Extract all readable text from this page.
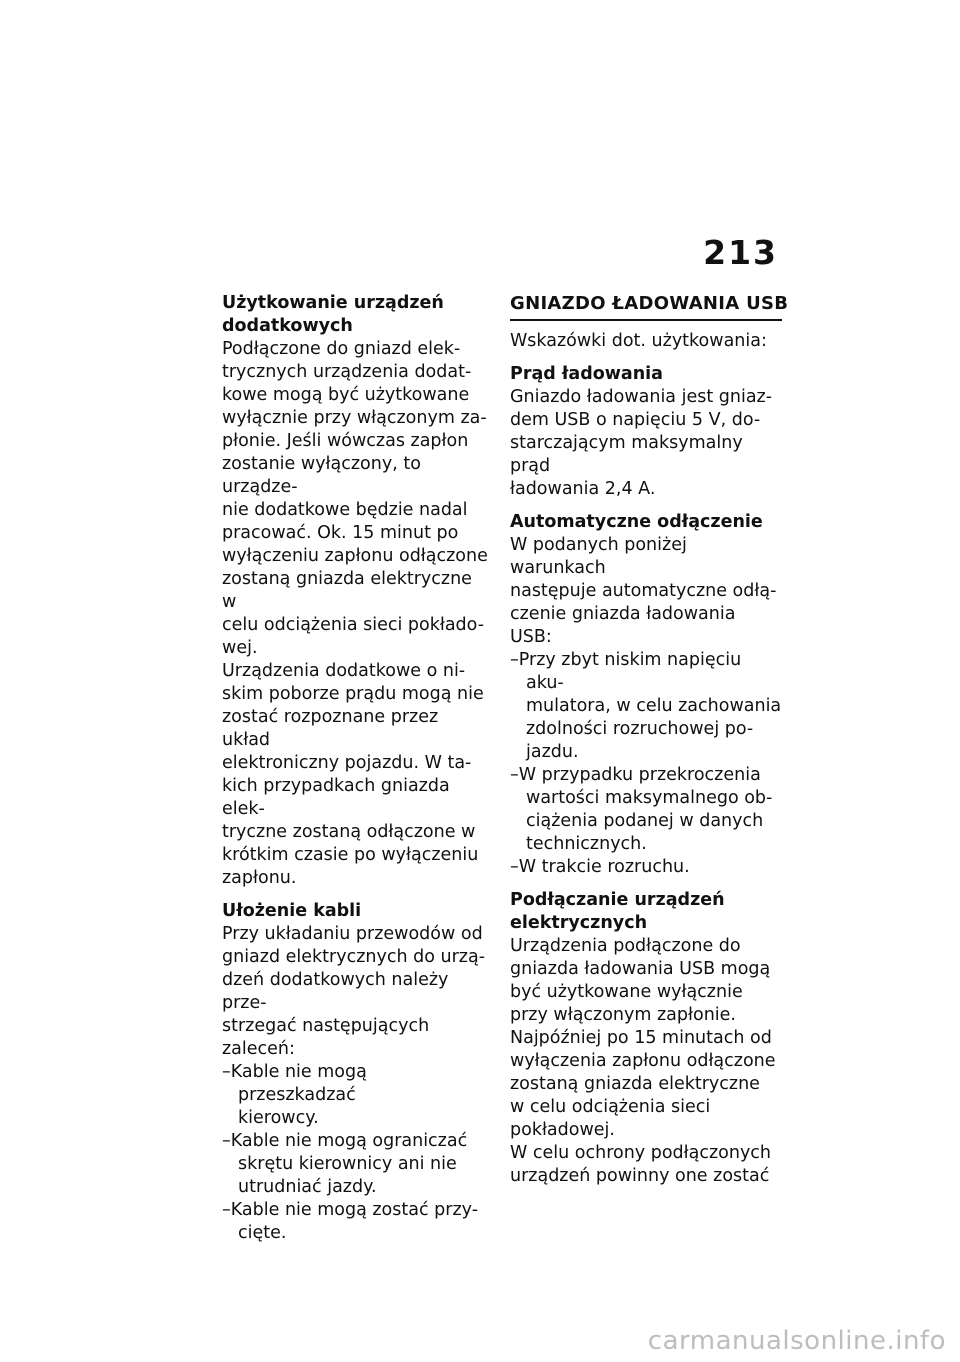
213
Użytkowanie urządzeń
dodatkowych
Podłączone do gniazd elek-
trycznych urządzenia dodat-
kowe mogą być użytkowane
wyłącznie przy włączonym za-
płonie. Jeśli wówczas zapłon
zostanie wyłączony, to urządze-
nie dodatkowe będzie nadal
pracować. Ok. 15 minut po
wyłączeniu zapłonu odłączone
zostaną gniazda elektryczne w
celu odciążenia sieci pokłado-
wej.
Urządzenia dodatkowe o ni-
skim poborze prądu mogą nie
zostać rozpoznane przez układ
elektroniczny pojazdu. W ta-
kich przypadkach gniazda elek-
tryczne zostaną odłączone w
krótkim czasie po wyłączeniu
zapłonu.
Ułożenie kabli
Przy układaniu przewodów od
gniazd elektrycznych do urzą-
dzeń dodatkowych należy prze-
strzegać następujących zaleceń:
–Kable nie mogą przeszkadzać
kierowcy.
–Kable nie mogą ograniczać
skrętu kierownicy ani nie
utrudniać jazdy.
–Kable nie mogą zostać przy-
cięte.
GNIAZDO ŁADOWANIA USB
Wskazówki dot. użytkowania:
Prąd ładowania
Gniazdo ładowania jest gniaz-
dem USB o napięciu 5 V, do-
starczającym maksymalny prąd
ładowania 2,4 A.
Automatyczne odłączenie
W podanych poniżej warunkach
następuje automatyczne odłą-
czenie gniazda ładowania USB:
–Przy zbyt niskim napięciu aku-
mulatora, w celu zachowania
zdolności rozruchowej po-
jazdu.
–W przypadku przekroczenia
wartości maksymalnego ob-
ciążenia podanej w danych
technicznych.
–W trakcie rozruchu.
Podłączanie urządzeń
elektrycznych
Urządzenia podłączone do
gniazda ładowania USB mogą
być użytkowane wyłącznie
przy włączonym zapłonie.
Najpóźniej po 15 minutach od
wyłączenia zapłonu odłączone
zostaną gniazda elektryczne
w celu odciążenia sieci
pokładowej.
W celu ochrony podłączonych
urządzeń powinny one zostać
carmanualsonline.info
